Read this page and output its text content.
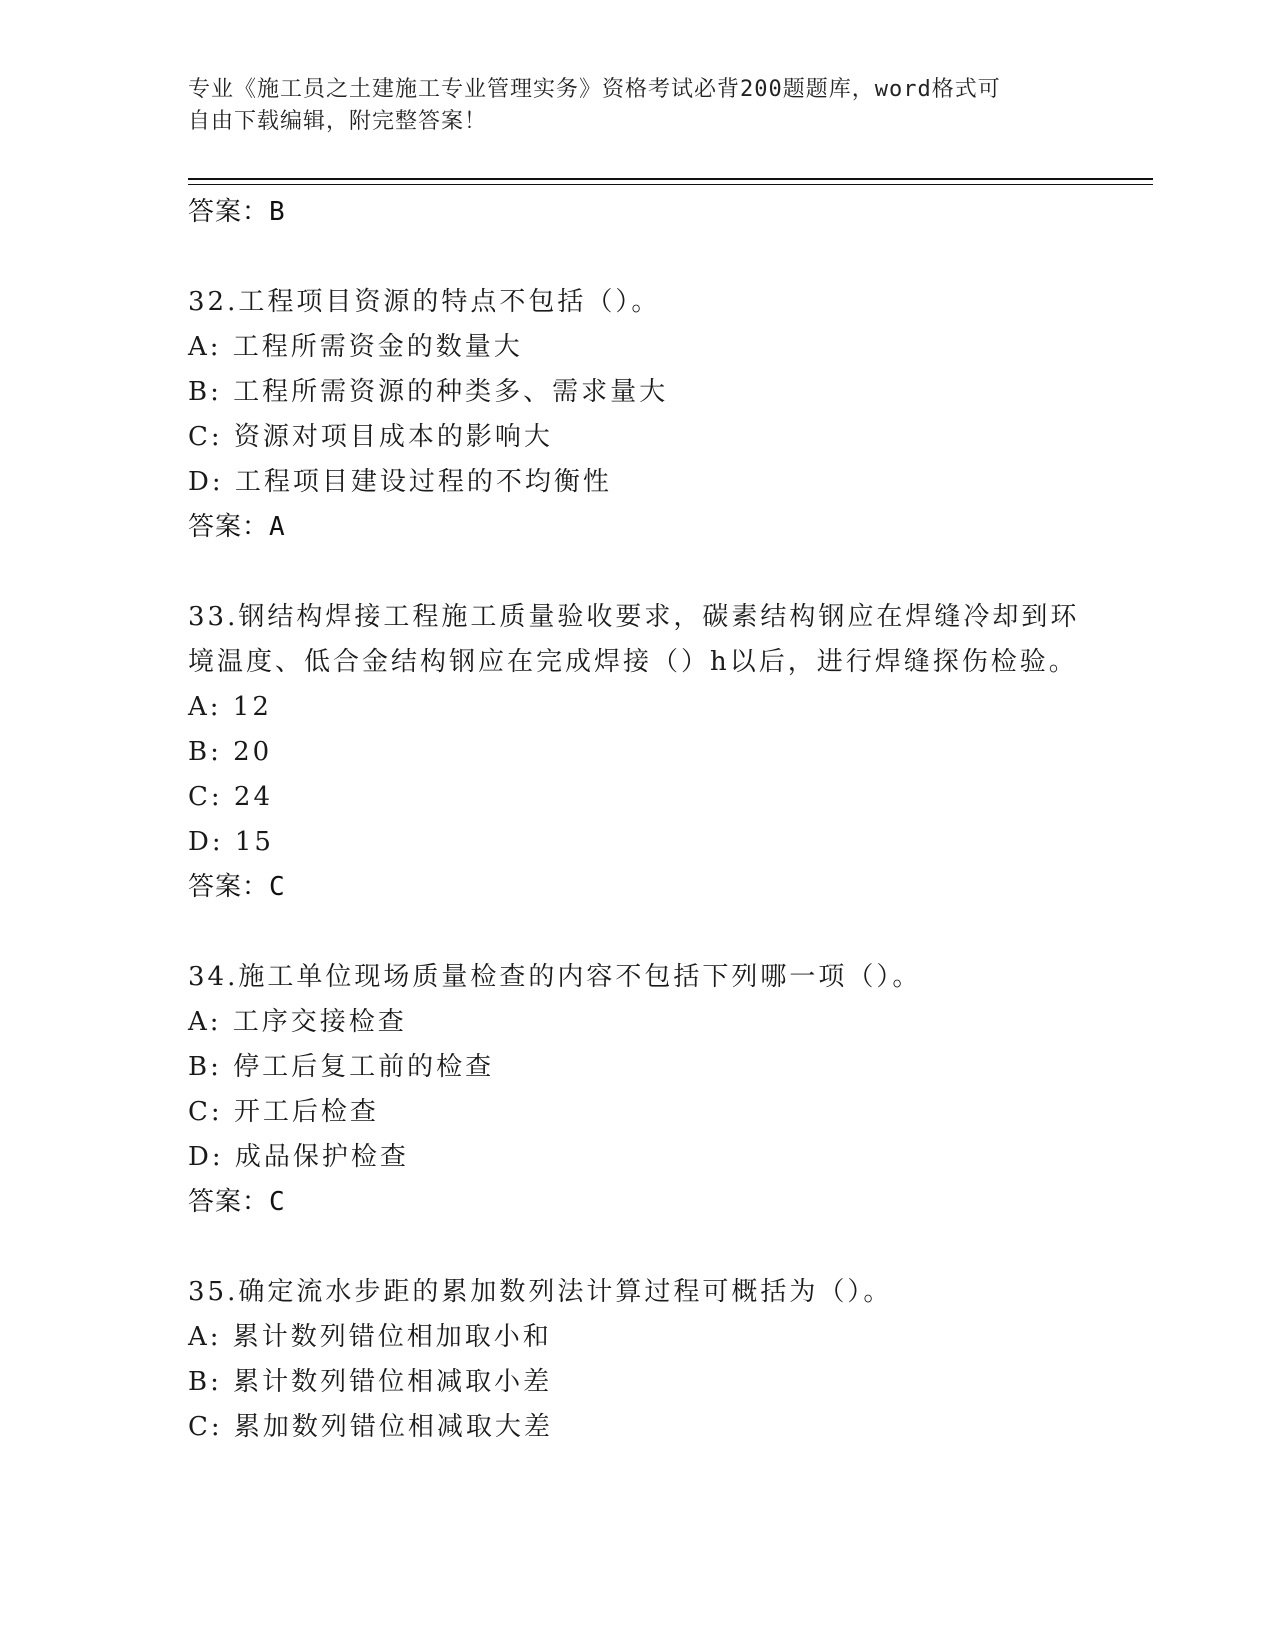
专业《施工员之土建施工专业管理实务》资格考试必背200题题库，word格式可
自由下载编辑，附完整答案！
答案：B
32.工程项目资源的特点不包括（）。
A: 工程所需资金的数量大
B: 工程所需资源的种类多、需求量大
C: 资源对项目成本的影响大
D: 工程项目建设过程的不均衡性
答案：A
33.钢结构焊接工程施工质量验收要求，碳素结构钢应在焊缝冷却到环境温度、低合金结构钢应在完成焊接（）h以后，进行焊缝探伤检验。
A: 12
B: 20
C: 24
D: 15
答案：C
34.施工单位现场质量检查的内容不包括下列哪一项（）。
A: 工序交接检查
B: 停工后复工前的检查
C: 开工后检查
D: 成品保护检查
答案：C
35.确定流水步距的累加数列法计算过程可概括为（）。
A: 累计数列错位相加取小和
B: 累计数列错位相减取小差
C: 累加数列错位相减取大差
